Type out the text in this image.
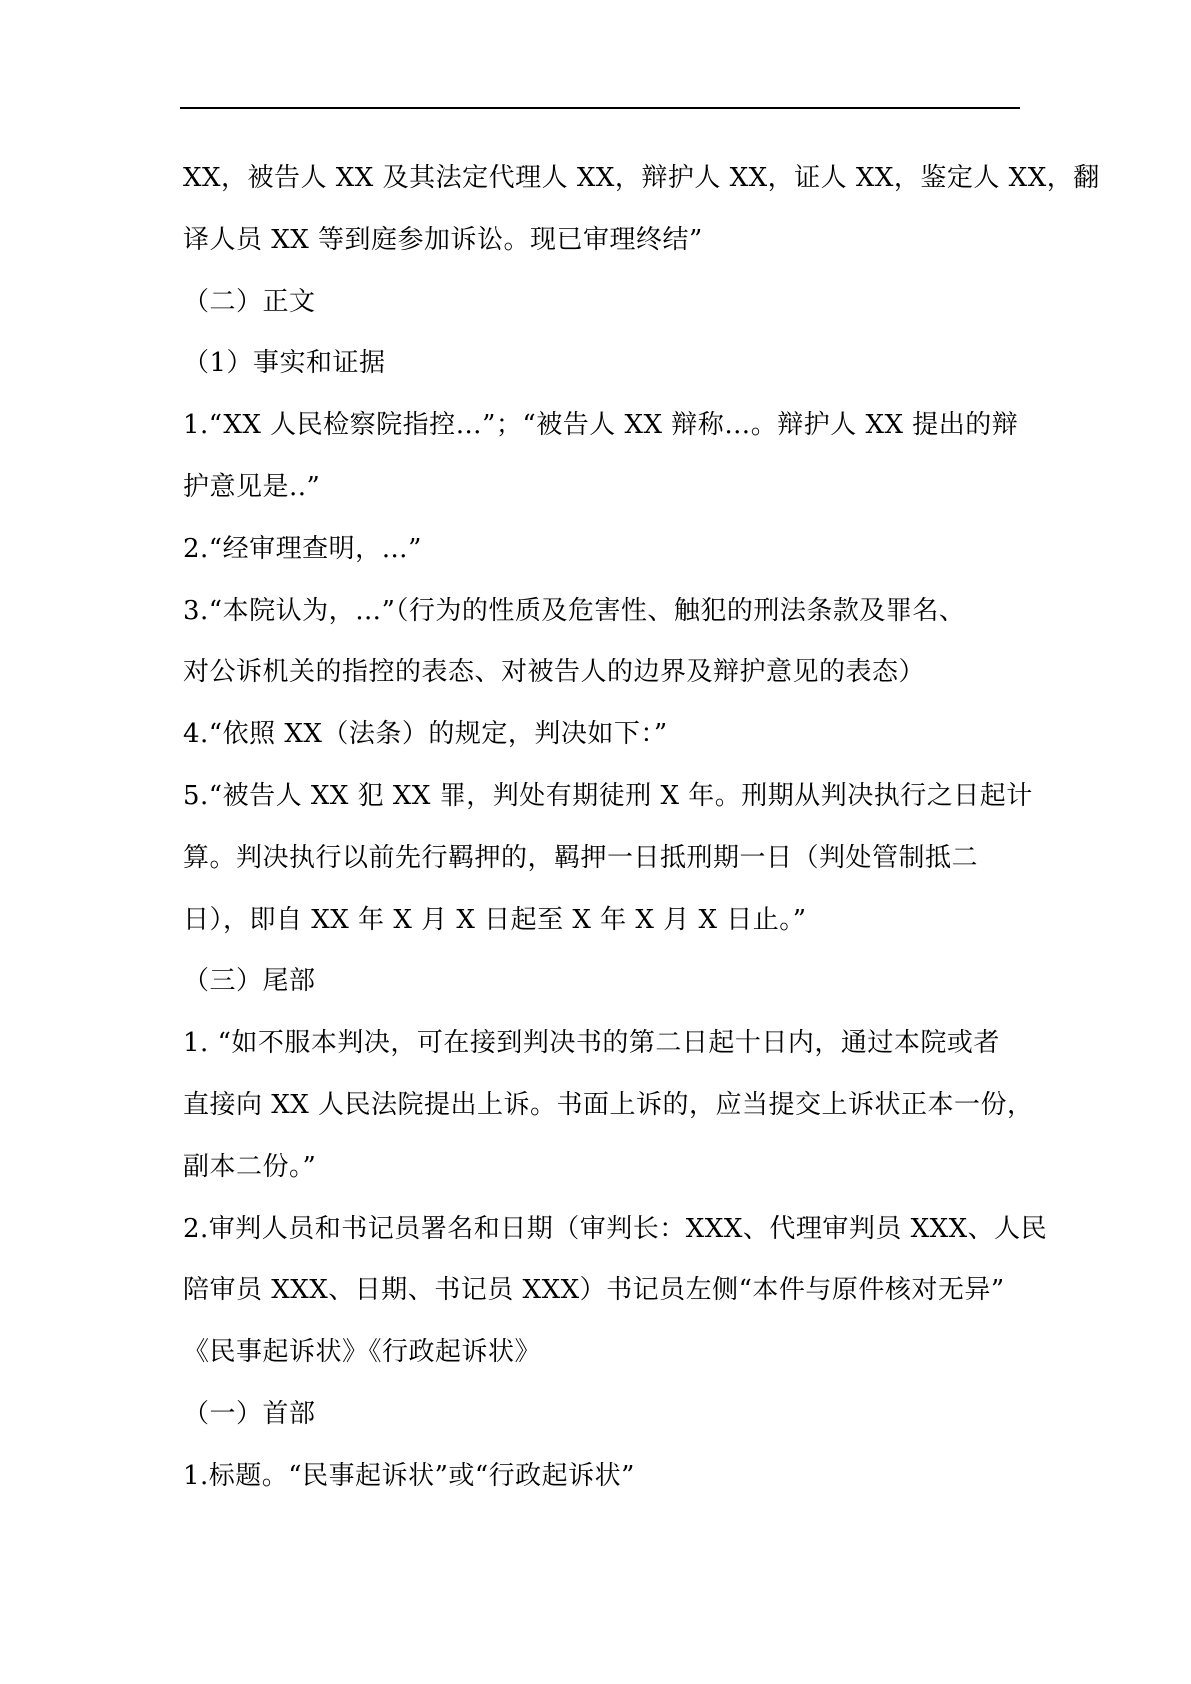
XX，被告人 XX 及其法定代理人 XX，辩护人 XX，证人 XX，鉴定人 XX，翻
译人员 XX 等到庭参加诉讼。现已审理终结”
（二）正文
（1）事实和证据
1.“XX 人民检察院指控…”；“被告人 XX 辩称…。辩护人 XX 提出的辩
护意见是..”
2.“经审理查明，…”
3.“本院认为，…”（行为的性质及危害性、触犯的刑法条款及罪名、
对公诉机关的指控的表态、对被告人的边界及辩护意见的表态）
4.“依照 XX（法条）的规定，判决如下：”
5.“被告人 XX 犯 XX 罪，判处有期徒刑 X 年。刑期从判决执行之日起计
算。判决执行以前先行羁押的，羁押一日抵刑期一日（判处管制抵二
日），即自 XX 年 X 月 X 日起至 X 年 X 月 X 日止。”
（三）尾部
1. “如不服本判决，可在接到判决书的第二日起十日内，通过本院或者
直接向 XX 人民法院提出上诉。书面上诉的，应当提交上诉状正本一份，
副本二份。”
2.审判人员和书记员署名和日期（审判长：XXX、代理审判员 XXX、人民
陪审员 XXX、日期、书记员 XXX）书记员左侧“本件与原件核对无异”
《民事起诉状》《行政起诉状》
（一）首部
1.标题。“民事起诉状”或“行政起诉状”
